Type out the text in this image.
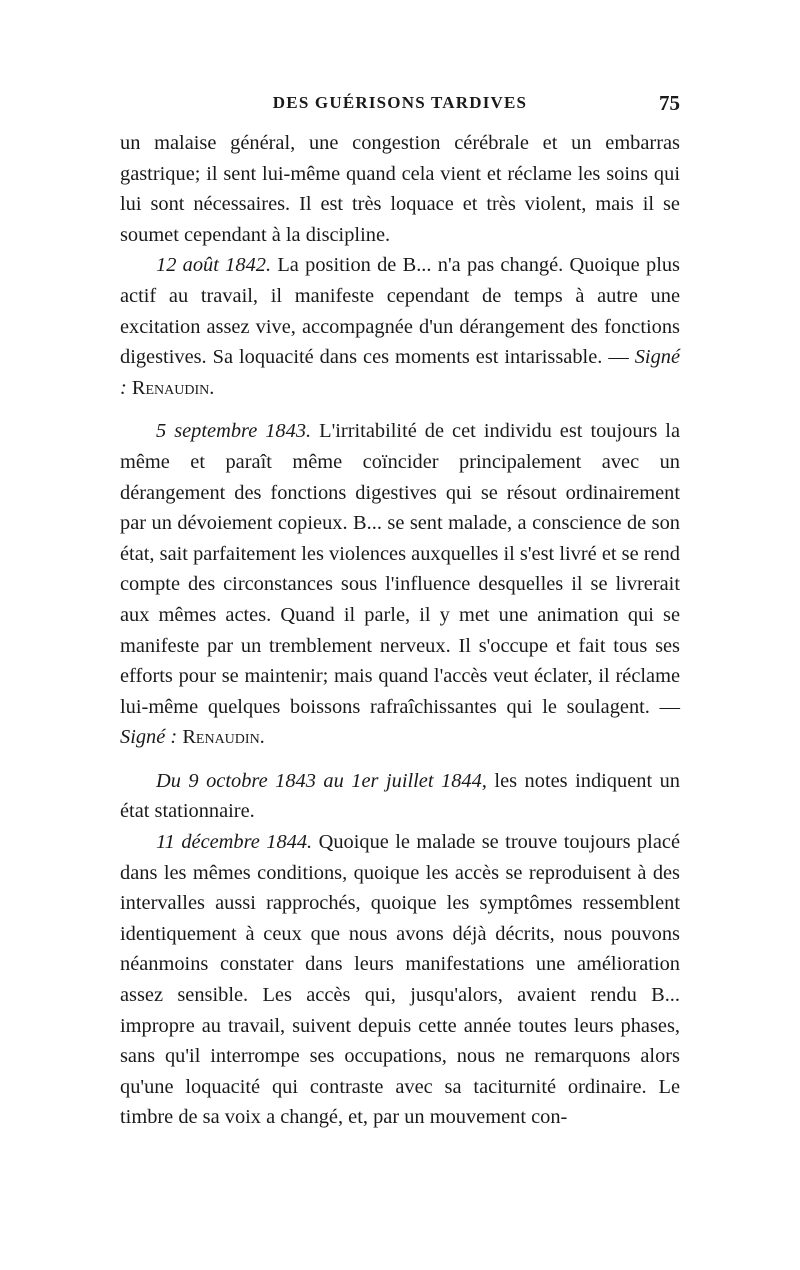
DES GUÉRISONS TARDIVES	75

un malaise général, une congestion cérébrale et un embarras gastrique; il sent lui-même quand cela vient et réclame les soins qui lui sont nécessaires. Il est très loquace et très violent, mais il se soumet cependant à la discipline.

12 août 1842. La position de B... n'a pas changé. Quoique plus actif au travail, il manifeste cependant de temps à autre une excitation assez vive, accompagnée d'un dérangement des fonctions digestives. Sa loquacité dans ces moments est intarissable. — Signé : Renaudin.

5 septembre 1843. L'irritabilité de cet individu est toujours la même et paraît même coïncider principalement avec un dérangement des fonctions digestives qui se résout ordinairement par un dévoiement copieux. B... se sent malade, a conscience de son état, sait parfaitement les violences auxquelles il s'est livré et se rend compte des circonstances sous l'influence desquelles il se livrerait aux mêmes actes. Quand il parle, il y met une animation qui se manifeste par un tremblement nerveux. Il s'occupe et fait tous ses efforts pour se maintenir; mais quand l'accès veut éclater, il réclame lui-même quelques boissons rafraîchissantes qui le soulagent. — Signé : Renaudin.

Du 9 octobre 1843 au 1er juillet 1844, les notes indiquent un état stationnaire.

11 décembre 1844. Quoique le malade se trouve toujours placé dans les mêmes conditions, quoique les accès se reproduisent à des intervalles aussi rapprochés, quoique les symptômes ressemblent identiquement à ceux que nous avons déjà décrits, nous pouvons néanmoins constater dans leurs manifestations une amélioration assez sensible. Les accès qui, jusqu'alors, avaient rendu B... impropre au travail, suivent depuis cette année toutes leurs phases, sans qu'il interrompe ses occupations, nous ne remarquons alors qu'une loquacité qui contraste avec sa taciturnité ordinaire. Le timbre de sa voix a changé, et, par un mouvement con-
